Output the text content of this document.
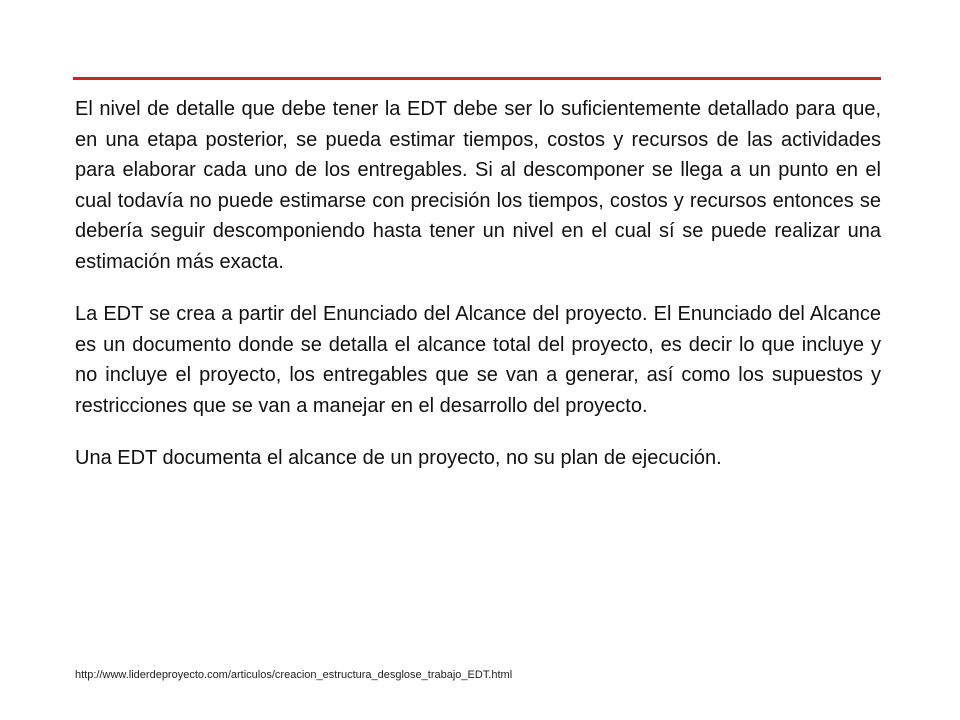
El nivel de detalle que debe tener la EDT debe ser lo suficientemente detallado para que, en una etapa posterior, se pueda estimar tiempos, costos y recursos de las actividades para elaborar cada uno de los entregables. Si al descomponer se llega a un punto en el cual todavía no puede estimarse con precisión los tiempos, costos y recursos entonces se debería seguir descomponiendo hasta tener un nivel en el cual sí se puede realizar una estimación más exacta.

La EDT se crea a partir del Enunciado del Alcance del proyecto. El Enunciado del Alcance es un documento donde se detalla el alcance total del proyecto, es decir lo que incluye y no incluye el proyecto, los entregables que se van a generar, así como los supuestos y restricciones que se van a manejar en el desarrollo del proyecto.

Una EDT documenta el alcance de un proyecto, no su plan de ejecución.

http://www.liderdeproyecto.com/articulos/creacion_estructura_desglose_trabajo_EDT.html
